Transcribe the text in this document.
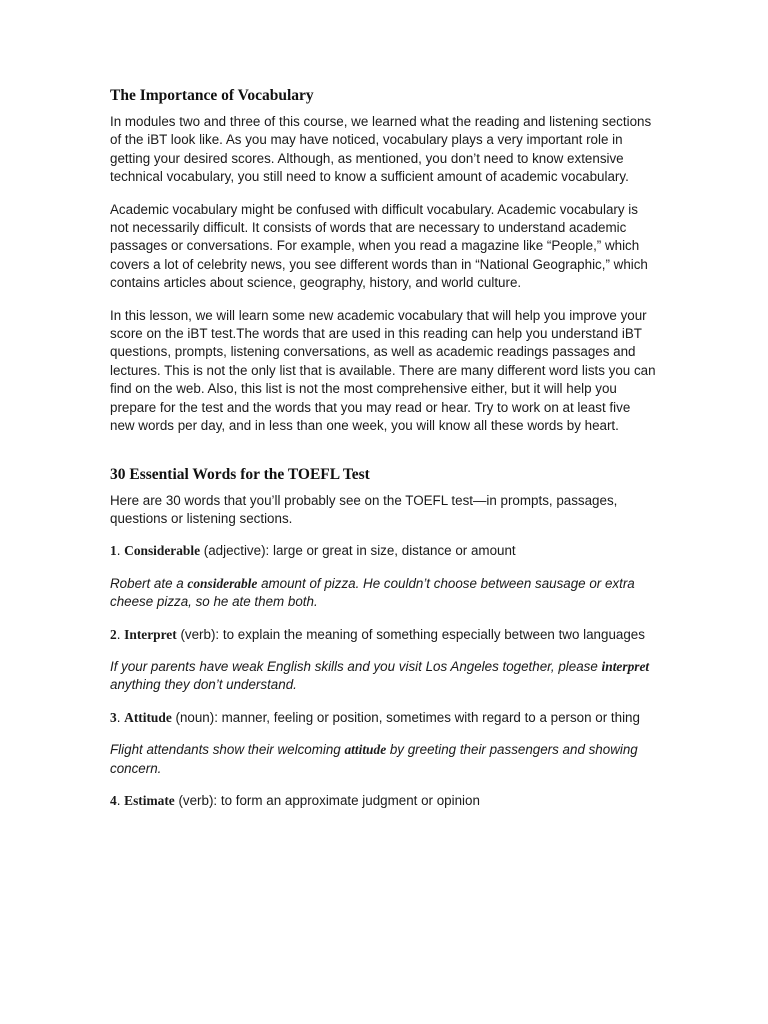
The Importance of Vocabulary

In modules two and three of this course, we learned what the reading and listening sections of the iBT look like. As you may have noticed, vocabulary plays a very important role in getting your desired scores. Although, as mentioned, you don’t need to know extensive technical vocabulary, you still need to know a sufficient amount of academic vocabulary.

Academic vocabulary might be confused with difficult vocabulary. Academic vocabulary is not necessarily difficult. It consists of words that are necessary to understand academic passages or conversations. For example, when you read a magazine like “People,” which covers a lot of celebrity news, you see different words than in “National Geographic,” which contains articles about science, geography, history, and world culture.

In this lesson, we will learn some new academic vocabulary that will help you improve your score on the iBT test.The words that are used in this reading can help you understand iBT questions, prompts, listening conversations, as well as academic readings passages and lectures. This is not the only list that is available. There are many different word lists you can find on the web. Also, this list is not the most comprehensive either, but it will help you prepare for the test and the words that you may read or hear. Try to work on at least five new words per day, and in less than one week, you will know all these words by heart.

30 Essential Words for the TOEFL Test

Here are 30 words that you’ll probably see on the TOEFL test—in prompts, passages, questions or listening sections.

1. Considerable (adjective): large or great in size, distance or amount

Robert ate a considerable amount of pizza. He couldn’t choose between sausage or extra cheese pizza, so he ate them both.

2. Interpret (verb): to explain the meaning of something especially between two languages

If your parents have weak English skills and you visit Los Angeles together, please interpret anything they don’t understand.

3. Attitude (noun): manner, feeling or position, sometimes with regard to a person or thing

Flight attendants show their welcoming attitude by greeting their passengers and showing concern.

4. Estimate (verb): to form an approximate judgment or opinion
